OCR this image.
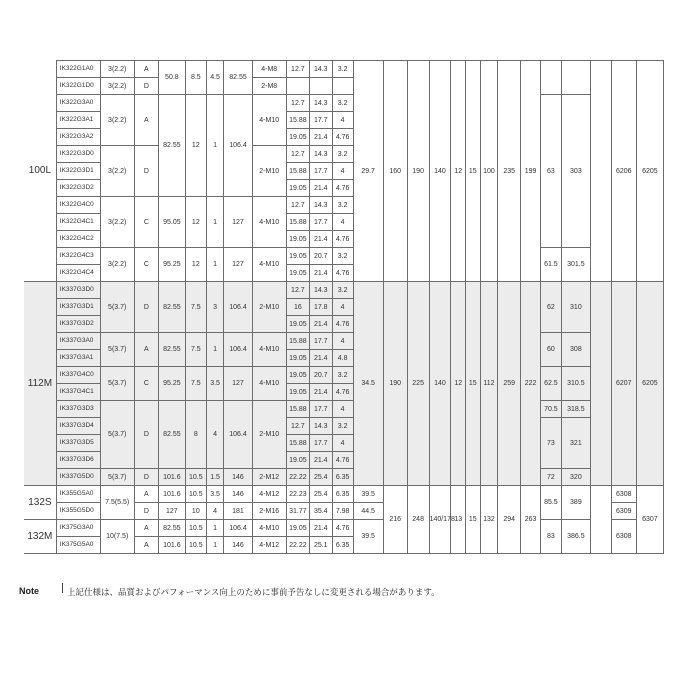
100L	IK322G1A0	3(2.2)	A	50.8	8.5	4.5	82.55	4-M8	12.7	14.3	3.2	29.7	160	190	140	12	15	100	235	199				6206	6205
	IK322G1D0	3(2.2)	D					2-M8																	
	IK322G3A0	3(2.2)	A	82.55	12	1	106.4	4-M10	12.7	14.3	3.2										63	303			
	IK322G3A1								15.88	17.7	4														
	IK322G3A2								19.05	21.4	4.76														
	IK322G3D0	3(2.2)	D					2-M10	12.7	14.3	3.2														
	IK322G3D1								15.88	17.7	4														
	IK322G3D2								19.05	21.4	4.76														
	IK322G4C0	3(2.2)	C	95.05	12	1	127	4-M10	12.7	14.3	3.2														
	IK322G4C1								15.88	17.7	4														
	IK322G4C2								19.05	21.4	4.76														
	IK322G4C3	3(2.2)	C	95.25	12	1	127	4-M10	19.05	20.7	3.2										61.5	301.5			
	IK322G4C4								19.05	21.4	4.76														
112M	IK337G3D0	5(3.7)	D	82.55	7.5	3	106.4	2-M10	12.7	14.3	3.2	34.5	190	225	140	12	15	112	259	222	62	310		6207	6205
	IK337G3D1								16	17.8	4														
	IK337G3D2								19.05	21.4	4.76														
	IK337G3A0	5(3.7)	A	82.55	7.5	1	106.4	4-M10	15.88	17.7	4										60	308			
	IK337G3A1								19.05	21.4	4.8														
	IK337G4C0	5(3.7)	C	95.25	7.5	3.5	127	4-M10	19.05	20.7	3.2										62.5	310.5			
	IK337G4C1								19.05	21.4	4.76														
	IK337G3D3	5(3.7)	D	82.55	8	4	106.4	2-M10	15.88	17.7	4										70.5	318.5			
	IK337G3D4								12.7	14.3	3.2										73	321			
	IK337G3D5								15.88	17.7	4														
	IK337G3D6								19.05	21.4	4.76														
	IK337G5D0	5(3.7)	D	101.6	10.5	1.5	146	2-M12	22.22	25.4	6.35										72	320			
132S	IK355G5A0	7.5(5.5)	A	101.6	10.5	3.5	146	4-M12	22.23	25.4	6.35	39.5	216	248	140/178	13	15	132	294	263	85.5	389		6308	6307
	IK355G5D0		D	127	10	4	181	2-M16	31.77	35.4	7.98	44.5												6309	
132M	IK375G3A0	10(7.5)	A	82.55	10.5	1	106.4	4-M10	19.05	21.4	4.76	39.5									83	386.5		6308	
	IK375G5A0		A	101.6	10.5	1	146	4-M12	22.22	25.1	6.35														
Note	上記仕様は、品質およびパフォーマンス向上のために事前予告なしに変更される場合があります。
